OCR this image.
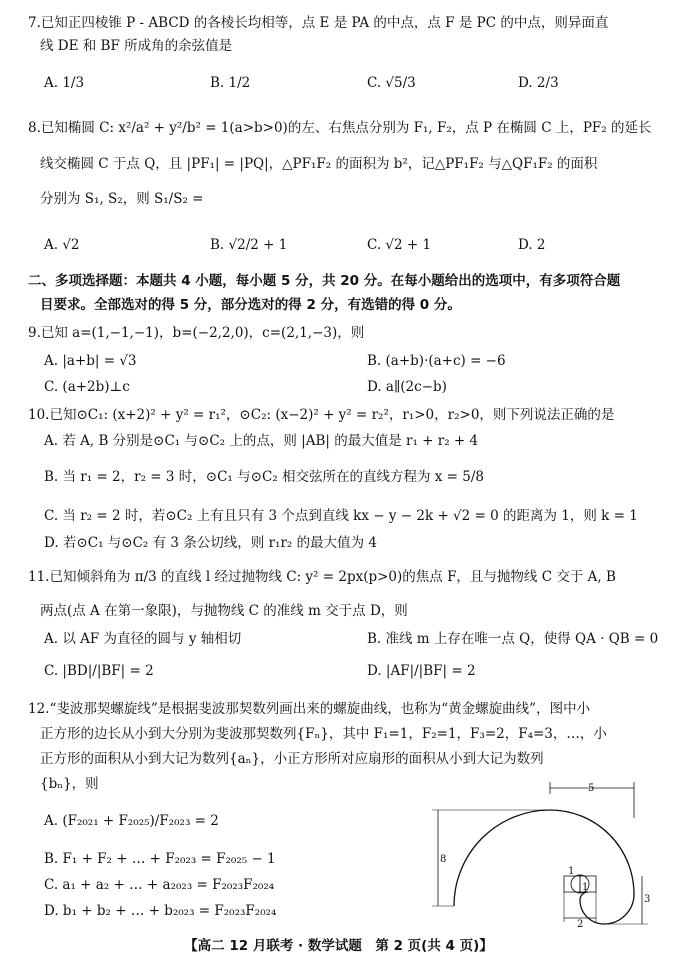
7.已知正四棱锥 P - ABCD 的各棱长均相等，点 E 是 PA 的中点，点 F 是 PC 的中点，则异面直
线 DE 和 BF 所成角的余弦值是
A. 1/3	B. 1/2	C. √5/3	D. 2/3
8.已知椭圆 C: x²/a² + y²/b² = 1(a>b>0)的左、右焦点分别为 F₁, F₂，点 P 在椭圆 C 上，PF₂ 的延长
线交椭圆 C 于点 Q，且 |PF₁| = |PQ|，△PF₁F₂ 的面积为 b²，记△PF₁F₂ 与△QF₁F₂ 的面积
分别为 S₁, S₂，则 S₁/S₂ =
A. √2	B. √2/2 + 1	C. √2 + 1	D. 2
二、多项选择题：本题共 4 小题，每小题 5 分，共 20 分。在每小题给出的选项中，有多项符合题
目要求。全部选对的得 5 分，部分选对的得 2 分，有选错的得 0 分。
9.已知 a=(1,−1,−1)，b=(−2,2,0)，c=(2,1,−3)，则
A. |a+b| = √3	B. (a+b)·(a+c) = −6
C. (a+2b)⊥c	D. a∥(2c−b)
10.已知⊙C₁: (x+2)² + y² = r₁²，⊙C₂: (x−2)² + y² = r₂²，r₁>0，r₂>0，则下列说法正确的是
A. 若 A, B 分别是⊙C₁ 与⊙C₂ 上的点，则 |AB| 的最大值是 r₁ + r₂ + 4
B. 当 r₁ = 2，r₂ = 3 时，⊙C₁ 与⊙C₂ 相交弦所在的直线方程为 x = 5/8
C. 当 r₂ = 2 时，若⊙C₂ 上有且只有 3 个点到直线 kx − y − 2k + √2 = 0 的距离为 1，则 k = 1
D. 若⊙C₁ 与⊙C₂ 有 3 条公切线，则 r₁r₂ 的最大值为 4
11.已知倾斜角为 π/3 的直线 l 经过抛物线 C: y² = 2px(p>0)的焦点 F，且与抛物线 C 交于 A, B
两点(点 A 在第一象限)，与抛物线 C 的准线 m 交于点 D，则
A. 以 AF 为直径的圆与 y 轴相切	B. 准线 m 上存在唯一点 Q，使得 QA · QB = 0
C. |BD|/|BF| = 2	D. |AF|/|BF| = 2
12.“斐波那契螺旋线”是根据斐波那契数列画出来的螺旋曲线，也称为“黄金螺旋曲线”，图中小
正方形的边长从小到大分别为斐波那契数列{Fₙ}，其中 F₁=1，F₂=1，F₃=2，F₄=3，…，小
正方形的面积从小到大记为数列{aₙ}，小正方形所对应扇形的面积从小到大记为数列
{bₙ}，则
A. (F₂₀₂₁ + F₂₀₂₅)/F₂₀₂₃ = 2
B. F₁ + F₂ + … + F₂₀₂₃ = F₂₀₂₅ − 1
C. a₁ + a₂ + … + a₂₀₂₃ = F₂₀₂₃F₂₀₂₄
D. b₁ + b₂ + … + b₂₀₂₃ = F₂₀₂₃F₂₀₂₄
5
8
3
2
1
1
【高二 12 月联考 · 数学试题　第 2 页(共 4 页)】
